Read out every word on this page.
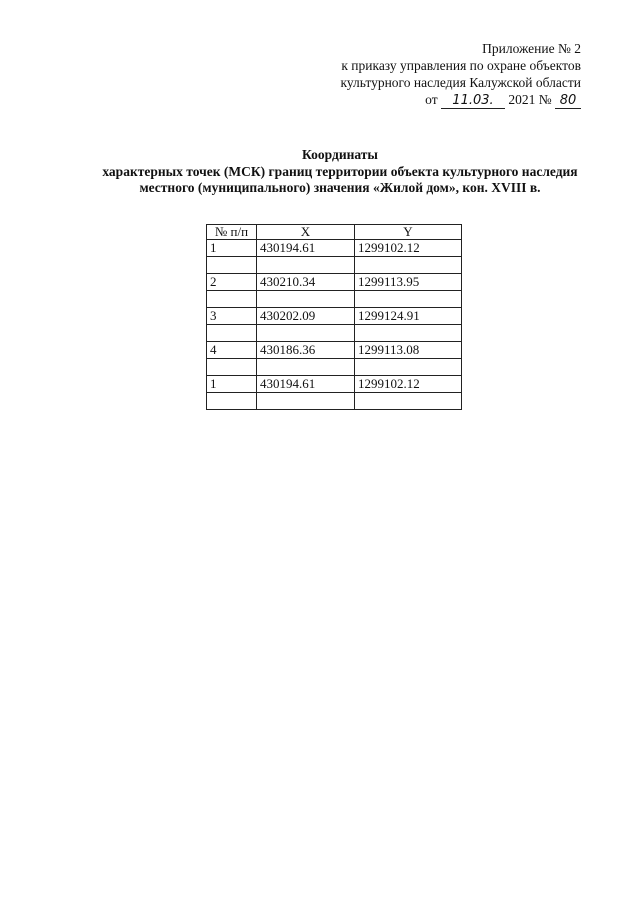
Приложение № 2
к приказу управления по охране объектов
культурного наследия Калужской области
от 11.03. 2021 № 80
Координаты
характерных точек (МСК) границ территории объекта культурного наследия
местного (муниципального) значения «Жилой дом», кон. XVIII в.
№ п/п	X	Y
1	430194.61	1299102.12

2	430210.34	1299113.95

3	430202.09	1299124.91

4	430186.36	1299113.08

1	430194.61	1299102.12
